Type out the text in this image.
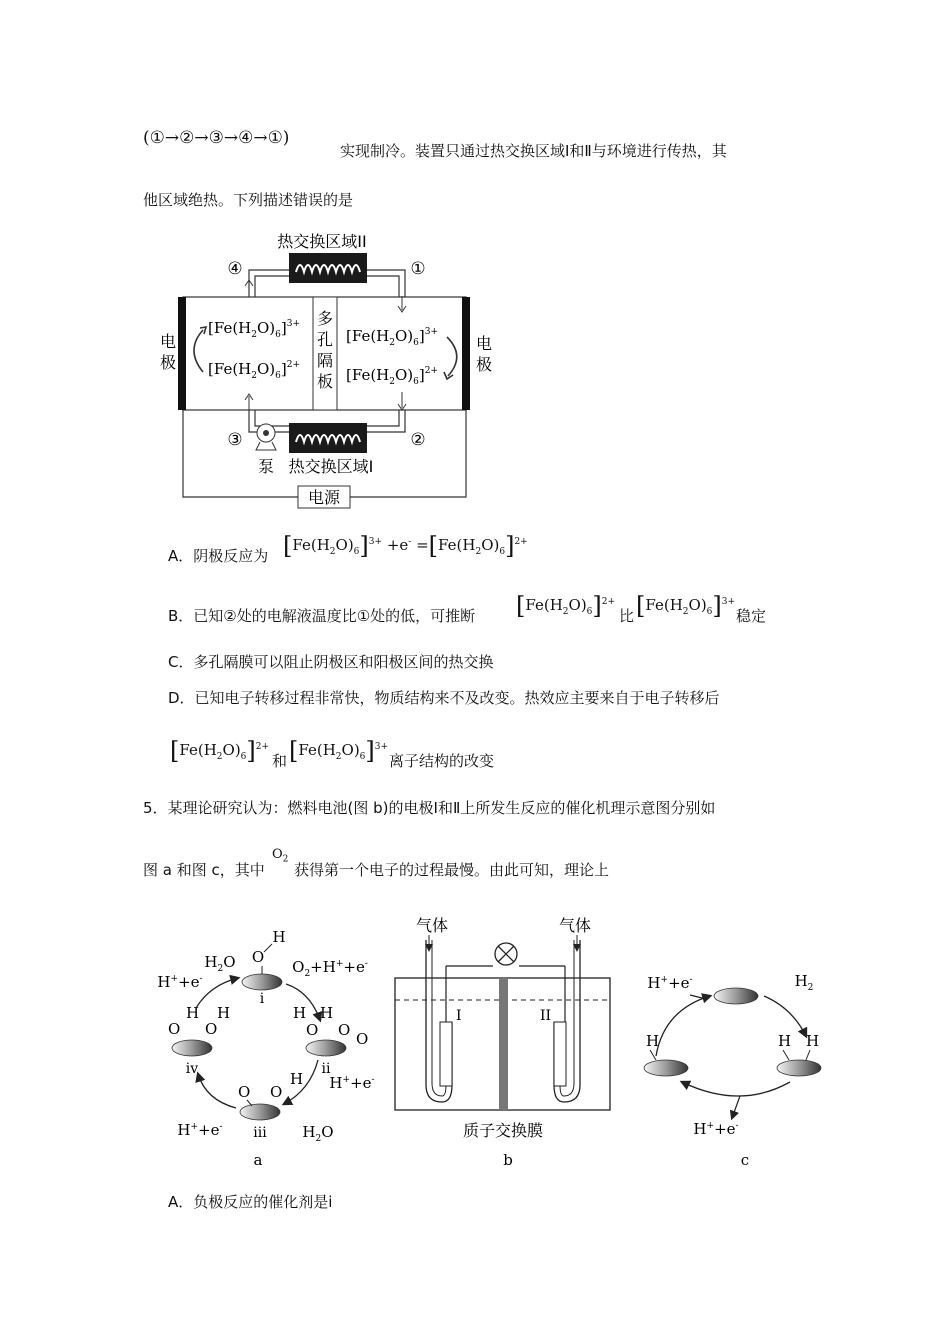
(①→②→③→④→①)
实现制冷。装置只通过热交换区域Ⅰ和Ⅱ与环境进行传热，其
他区域绝热。下列描述错误的是
热交换区域II
④	①
③	②
电
极
电
极
多
孔
隔
板
$[Fe(H_2O)_6]^{3+}$
$[Fe(H_2O)_6]^{2+}$
$[Fe(H_2O)_6]^{3+}$
$[Fe(H_2O)_6]^{2+}$
泵 热交换区域I
电源
A．阴极反应为 $[Fe(H_2O)_6]^{3+} +e^- =[Fe(H_2O)_6]^{2+}$
B．已知②处的电解液温度比①处的低，可推断 $[Fe(H_2O)_6]^{2+}$
比 $[Fe(H_2O)_6]^{3+}$
稳定
C．多孔隔膜可以阻止阴极区和阳极区间的热交换
D．已知电子转移过程非常快，物质结构来不及改变。热效应主要来自于电子转移后
$[Fe(H_2O)_6]^{2+}$
和 $[Fe(H_2O)_6]^{3+}$
离子结构的改变
5．某理论研究认为：燃料电池(图 b)的电极Ⅰ和Ⅱ上所发生反应的催化机理示意图分别如
图 a 和图 c，其中
$O_2$
获得第一个电子的过程最慢。由此可知，理论上
i
O
H
ii
H H
O O O
iii
O O
H
iv
O
H
O
H
$H_2O$
H++e-
$O_2+H^++e^-$
H++e-
$H_2O$
H++e-
a
I	II
气体	气体
质子交换膜
b
H	H H
H++e-	$H_2$
H++e-
c
A．负极反应的催化剂是ⅰ
